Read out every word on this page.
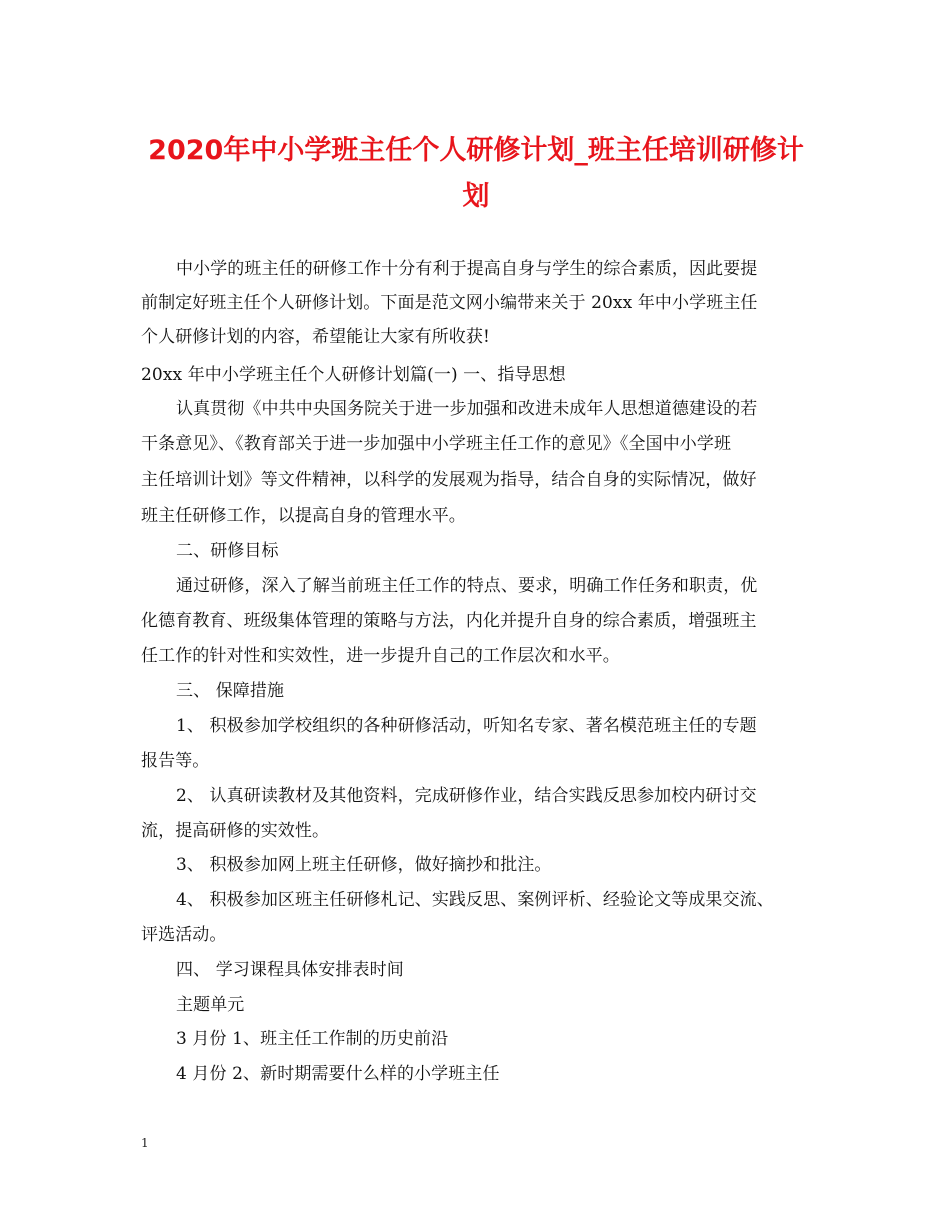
2020年中小学班主任个人研修计划_班主任培训研修计
划
中小学的班主任的研修工作十分有利于提高自身与学生的综合素质，因此要提
前制定好班主任个人研修计划。下面是范文网小编带来关于 20xx 年中小学班主任
个人研修计划的内容，希望能让大家有所收获!
20xx 年中小学班主任个人研修计划篇(一) 一、指导思想
认真贯彻《中共中央国务院关于进一步加强和改进未成年人思想道德建设的若
干条意见》、《教育部关于进一步加强中小学班主任工作的意见》《全国中小学班
主任培训计划》等文件精神，以科学的发展观为指导，结合自身的实际情况，做好
班主任研修工作，以提高自身的管理水平。
二、研修目标
通过研修，深入了解当前班主任工作的特点、要求，明确工作任务和职责，优
化德育教育、班级集体管理的策略与方法，内化并提升自身的综合素质，增强班主
任工作的针对性和实效性，进一步提升自己的工作层次和水平。
三、 保障措施
1、 积极参加学校组织的各种研修活动，听知名专家、著名模范班主任的专题
报告等。
2、 认真研读教材及其他资料，完成研修作业，结合实践反思参加校内研讨交
流，提高研修的实效性。
3、 积极参加网上班主任研修，做好摘抄和批注。
4、 积极参加区班主任研修札记、实践反思、案例评析、经验论文等成果交流、
评选活动。
四、 学习课程具体安排表时间
主题单元
3 月份 1、班主任工作制的历史前沿
4 月份 2、新时期需要什么样的小学班主任
1
